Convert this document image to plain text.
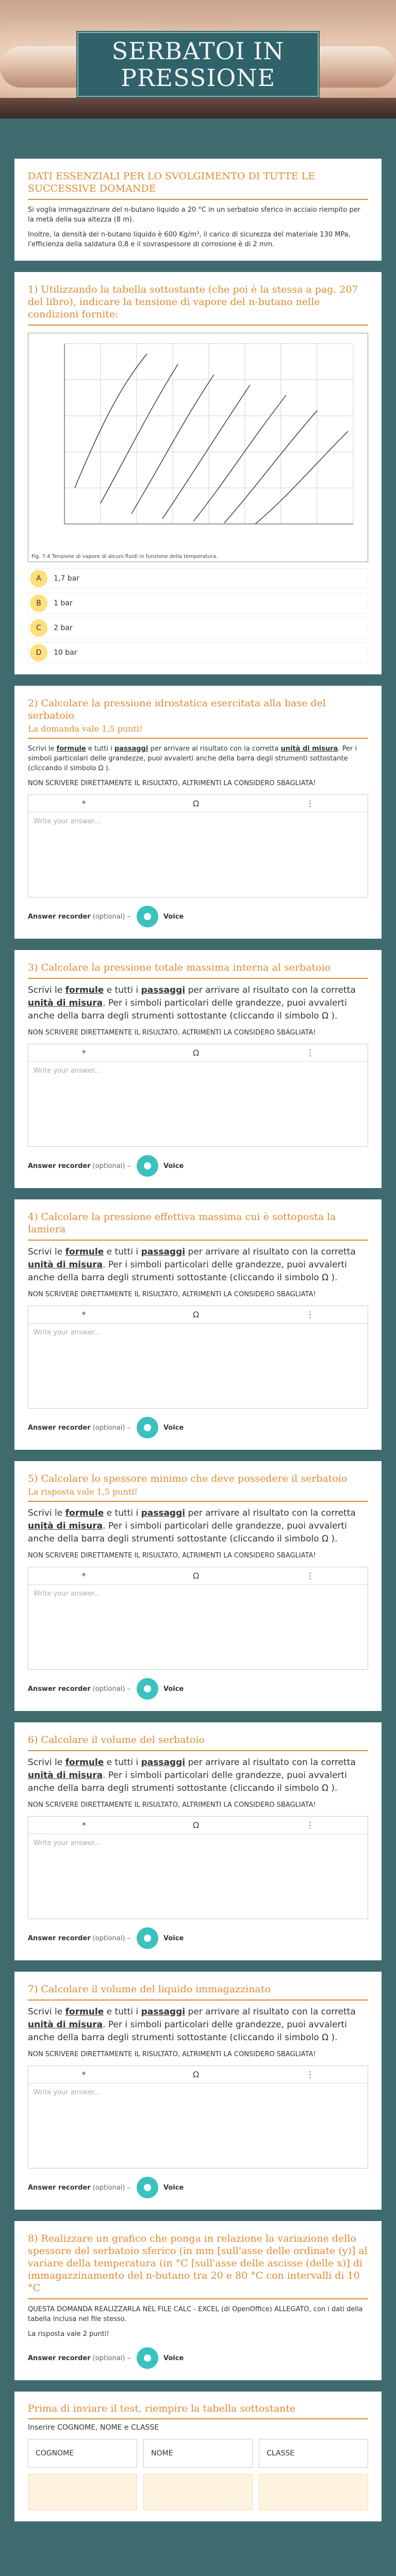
SERBATOI IN PRESSIONE
DATI ESSENZIALI PER LO SVOLGIMENTO DI TUTTE LE SUCCESSIVE DOMANDE

Si voglia immagazzinare del n-butano liquido a 20 °C in un serbatoio sferico in acciaio riempito per la metà della sua altezza (8 m).

Inoltre, la densità del n-butano liquido è 600 Kg/m³, il carico di sicurezza del materiale 130 MPa, l'efficienza della saldatura 0,8 e il sovraspessore di corrosione è di 2 mm.

1) Utilizzando la tabella sottostante (che poi è la stessa a pag. 207 del libro), indicare la tensione di vapore del n-butano nelle condizioni fornite:
Fig. 7.4 Tensione di vapore di alcuni fluidi in funzione della temperatura.
A	1,7 bar
B	1 bar
C	2 bar
D	10 bar
2) Calcolare la pressione idrostatica esercitata alla base del serbatoio
La domanda vale 1,5 punti!

Scrivi le formule e tutti i passaggi per arrivare al risultato con la corretta unità di misura. Per i simboli particolari delle grandezze, puoi avvalerti anche della barra degli strumenti sottostante (cliccando il simbolo Ω ).

NON SCRIVERE DIRETTAMENTE IL RISULTATO, ALTRIMENTI LA CONSIDERO SBAGLIATA!

*	Ω	⋮
Write your answer...
Answer recorder (optional) –	Voice
3) Calcolare la pressione totale massima interna al serbatoio

Scrivi le formule e tutti i passaggi per arrivare al risultato con la corretta unità di misura. Per i simboli particolari delle grandezze, puoi avvalerti anche della barra degli strumenti sottostante (cliccando il simbolo Ω ).

NON SCRIVERE DIRETTAMENTE IL RISULTATO, ALTRIMENTI LA CONSIDERO SBAGLIATA!

*	Ω	⋮
Write your answer...
Answer recorder (optional) –	Voice
4) Calcolare la pressione effettiva massima cui è sottoposta la lamiera

Scrivi le formule e tutti i passaggi per arrivare al risultato con la corretta unità di misura. Per i simboli particolari delle grandezze, puoi avvalerti anche della barra degli strumenti sottostante (cliccando il simbolo Ω ).

NON SCRIVERE DIRETTAMENTE IL RISULTATO, ALTRIMENTI LA CONSIDERO SBAGLIATA!

*	Ω	⋮
Write your answer...
Answer recorder (optional) –	Voice
5) Calcolare lo spessore minimo che deve possedere il serbatoio
La risposta vale 1,5 punti!

Scrivi le formule e tutti i passaggi per arrivare al risultato con la corretta unità di misura. Per i simboli particolari delle grandezze, puoi avvalerti anche della barra degli strumenti sottostante (cliccando il simbolo Ω ).

NON SCRIVERE DIRETTAMENTE IL RISULTATO, ALTRIMENTI LA CONSIDERO SBAGLIATA!

*	Ω	⋮
Write your answer...
Answer recorder (optional) –	Voice
6) Calcolare il volume del serbatoio

Scrivi le formule e tutti i passaggi per arrivare al risultato con la corretta unità di misura. Per i simboli particolari delle grandezze, puoi avvalerti anche della barra degli strumenti sottostante (cliccando il simbolo Ω ).

NON SCRIVERE DIRETTAMENTE IL RISULTATO, ALTRIMENTI LA CONSIDERO SBAGLIATA!

*	Ω	⋮
Write your answer...
Answer recorder (optional) –	Voice
7) Calcolare il volume del liquido immagazzinato

Scrivi le formule e tutti i passaggi per arrivare al risultato con la corretta unità di misura. Per i simboli particolari delle grandezze, puoi avvalerti anche della barra degli strumenti sottostante (cliccando il simbolo Ω ).

NON SCRIVERE DIRETTAMENTE IL RISULTATO, ALTRIMENTI LA CONSIDERO SBAGLIATA!

*	Ω	⋮
Write your answer...
Answer recorder (optional) –	Voice
8) Realizzare un grafico che ponga in relazione la variazione dello spessore del serbatoio sferico (in mm [sull'asse delle ordinate (y)] al variare della temperatura (in °C [sull'asse delle ascisse (delle x)] di immagazzinamento del n-butano tra 20 e 80 °C con intervalli di 10 °C

QUESTA DOMANDA REALIZZARLA NEL FILE CALC - EXCEL (di OpenOffice) ALLEGATO, con i dati della tabella inclusa nel file stesso.

La risposta vale 2 punti!

Answer recorder (optional) –	Voice
Prima di inviare il test, riempire la tabella sottostante
Inserire COGNOME, NOME e CLASSE
COGNOME	NOME	CLASSE
